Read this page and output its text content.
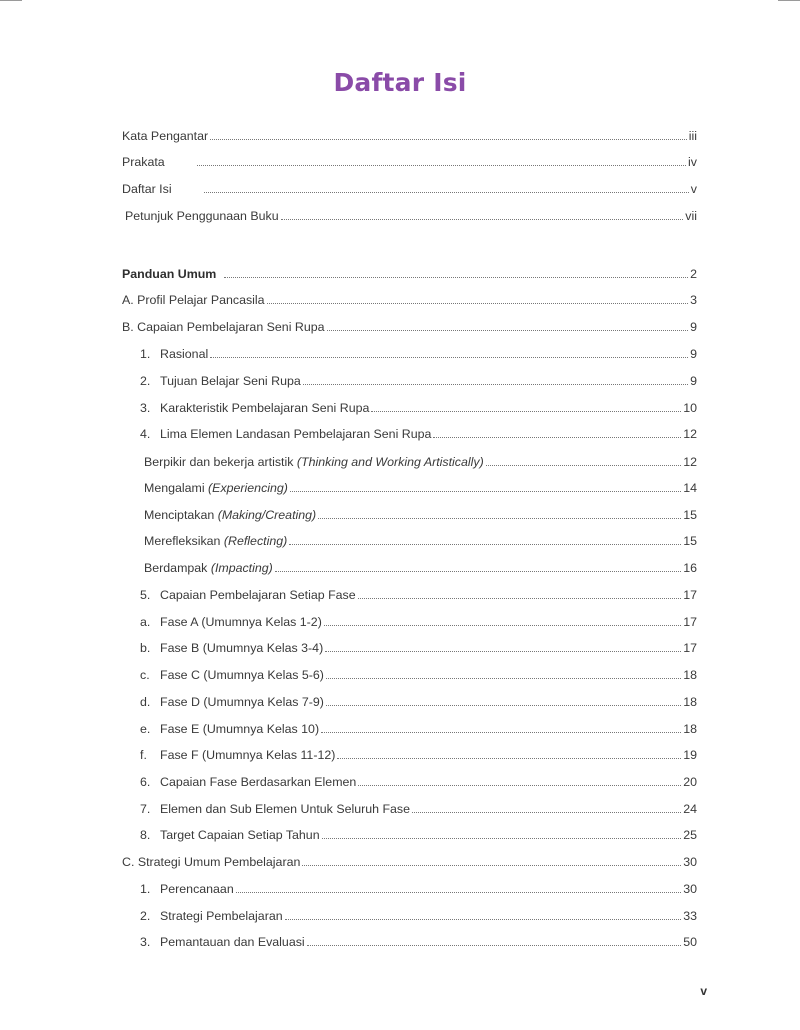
Daftar Isi
Kata Pengantar	iii
Prakata	iv
Daftar Isi	v
Petunjuk Penggunaan Buku	vii
Panduan Umum	2
A. Profil Pelajar Pancasila	3
B. Capaian Pembelajaran Seni Rupa	9
1. Rasional	9
2. Tujuan Belajar Seni Rupa	9
3. Karakteristik Pembelajaran Seni Rupa	10
4. Lima Elemen Landasan Pembelajaran Seni Rupa	12
Berpikir dan bekerja artistik (Thinking and Working Artistically)	12
Mengalami (Experiencing)	14
Menciptakan (Making/Creating)	15
Merefleksikan (Reflecting)	15
Berdampak (Impacting)	16
5. Capaian Pembelajaran Setiap Fase	17
a. Fase A (Umumnya Kelas 1-2)	17
b. Fase B (Umumnya Kelas 3-4)	17
c. Fase C (Umumnya Kelas 5-6)	18
d. Fase D (Umumnya Kelas 7-9)	18
e. Fase E (Umumnya Kelas 10)	18
f.	Fase F (Umumnya Kelas 11-12)	19
6. Capaian Fase Berdasarkan Elemen	20
7. Elemen dan Sub Elemen Untuk Seluruh Fase	24
8. Target Capaian Setiap Tahun	25
C. Strategi Umum Pembelajaran	30
1. Perencanaan	30
2. Strategi Pembelajaran	33
3. Pemantauan dan Evaluasi	50
v
